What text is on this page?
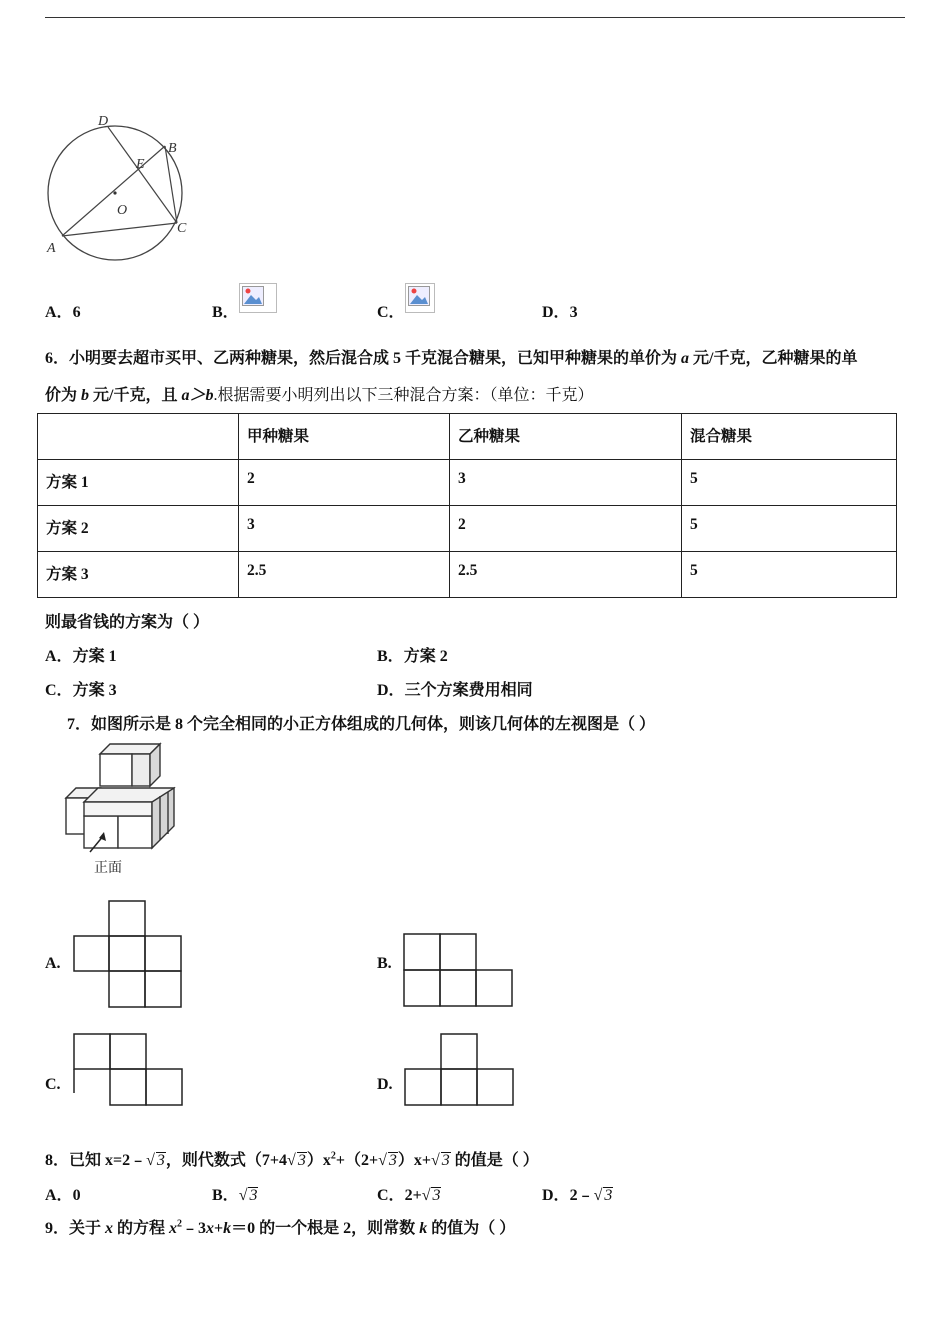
D
B
E
O
A
C
A．6	B．	C．	D．3
6．小明要去超市买甲、乙两种糖果，然后混合成 5 千克混合糖果，已知甲种糖果的单价为 a 元/千克，乙种糖果的单
价为 b 元/千克，且 a＞b.根据需要小明列出以下三种混合方案：（单位：千克）
	甲种糖果	乙种糖果	混合糖果
方案 1	2	3	5
方案 2	3	2	5
方案 3	2.5	2.5	5
则最省钱的方案为（ ）
A．方案 1	B．方案 2
C．方案 3	D．三个方案费用相同
7．如图所示是 8 个完全相同的小正方体组成的几何体，则该几何体的左视图是（ ）
正面
A.	B.
C.	D.
8．已知 x=2﹣√ 3，则代数式（7+4√ $3)x^2+(2+√$ 3）x+√ 3 的值是（ ）
A．0	B．√ 3	C．2+√ 3	D．2﹣√ 3
9．关于 x 的方程 $x^2﹣3x+k=0$ 的一个根是 2，则常数 k 的值为（ ）
